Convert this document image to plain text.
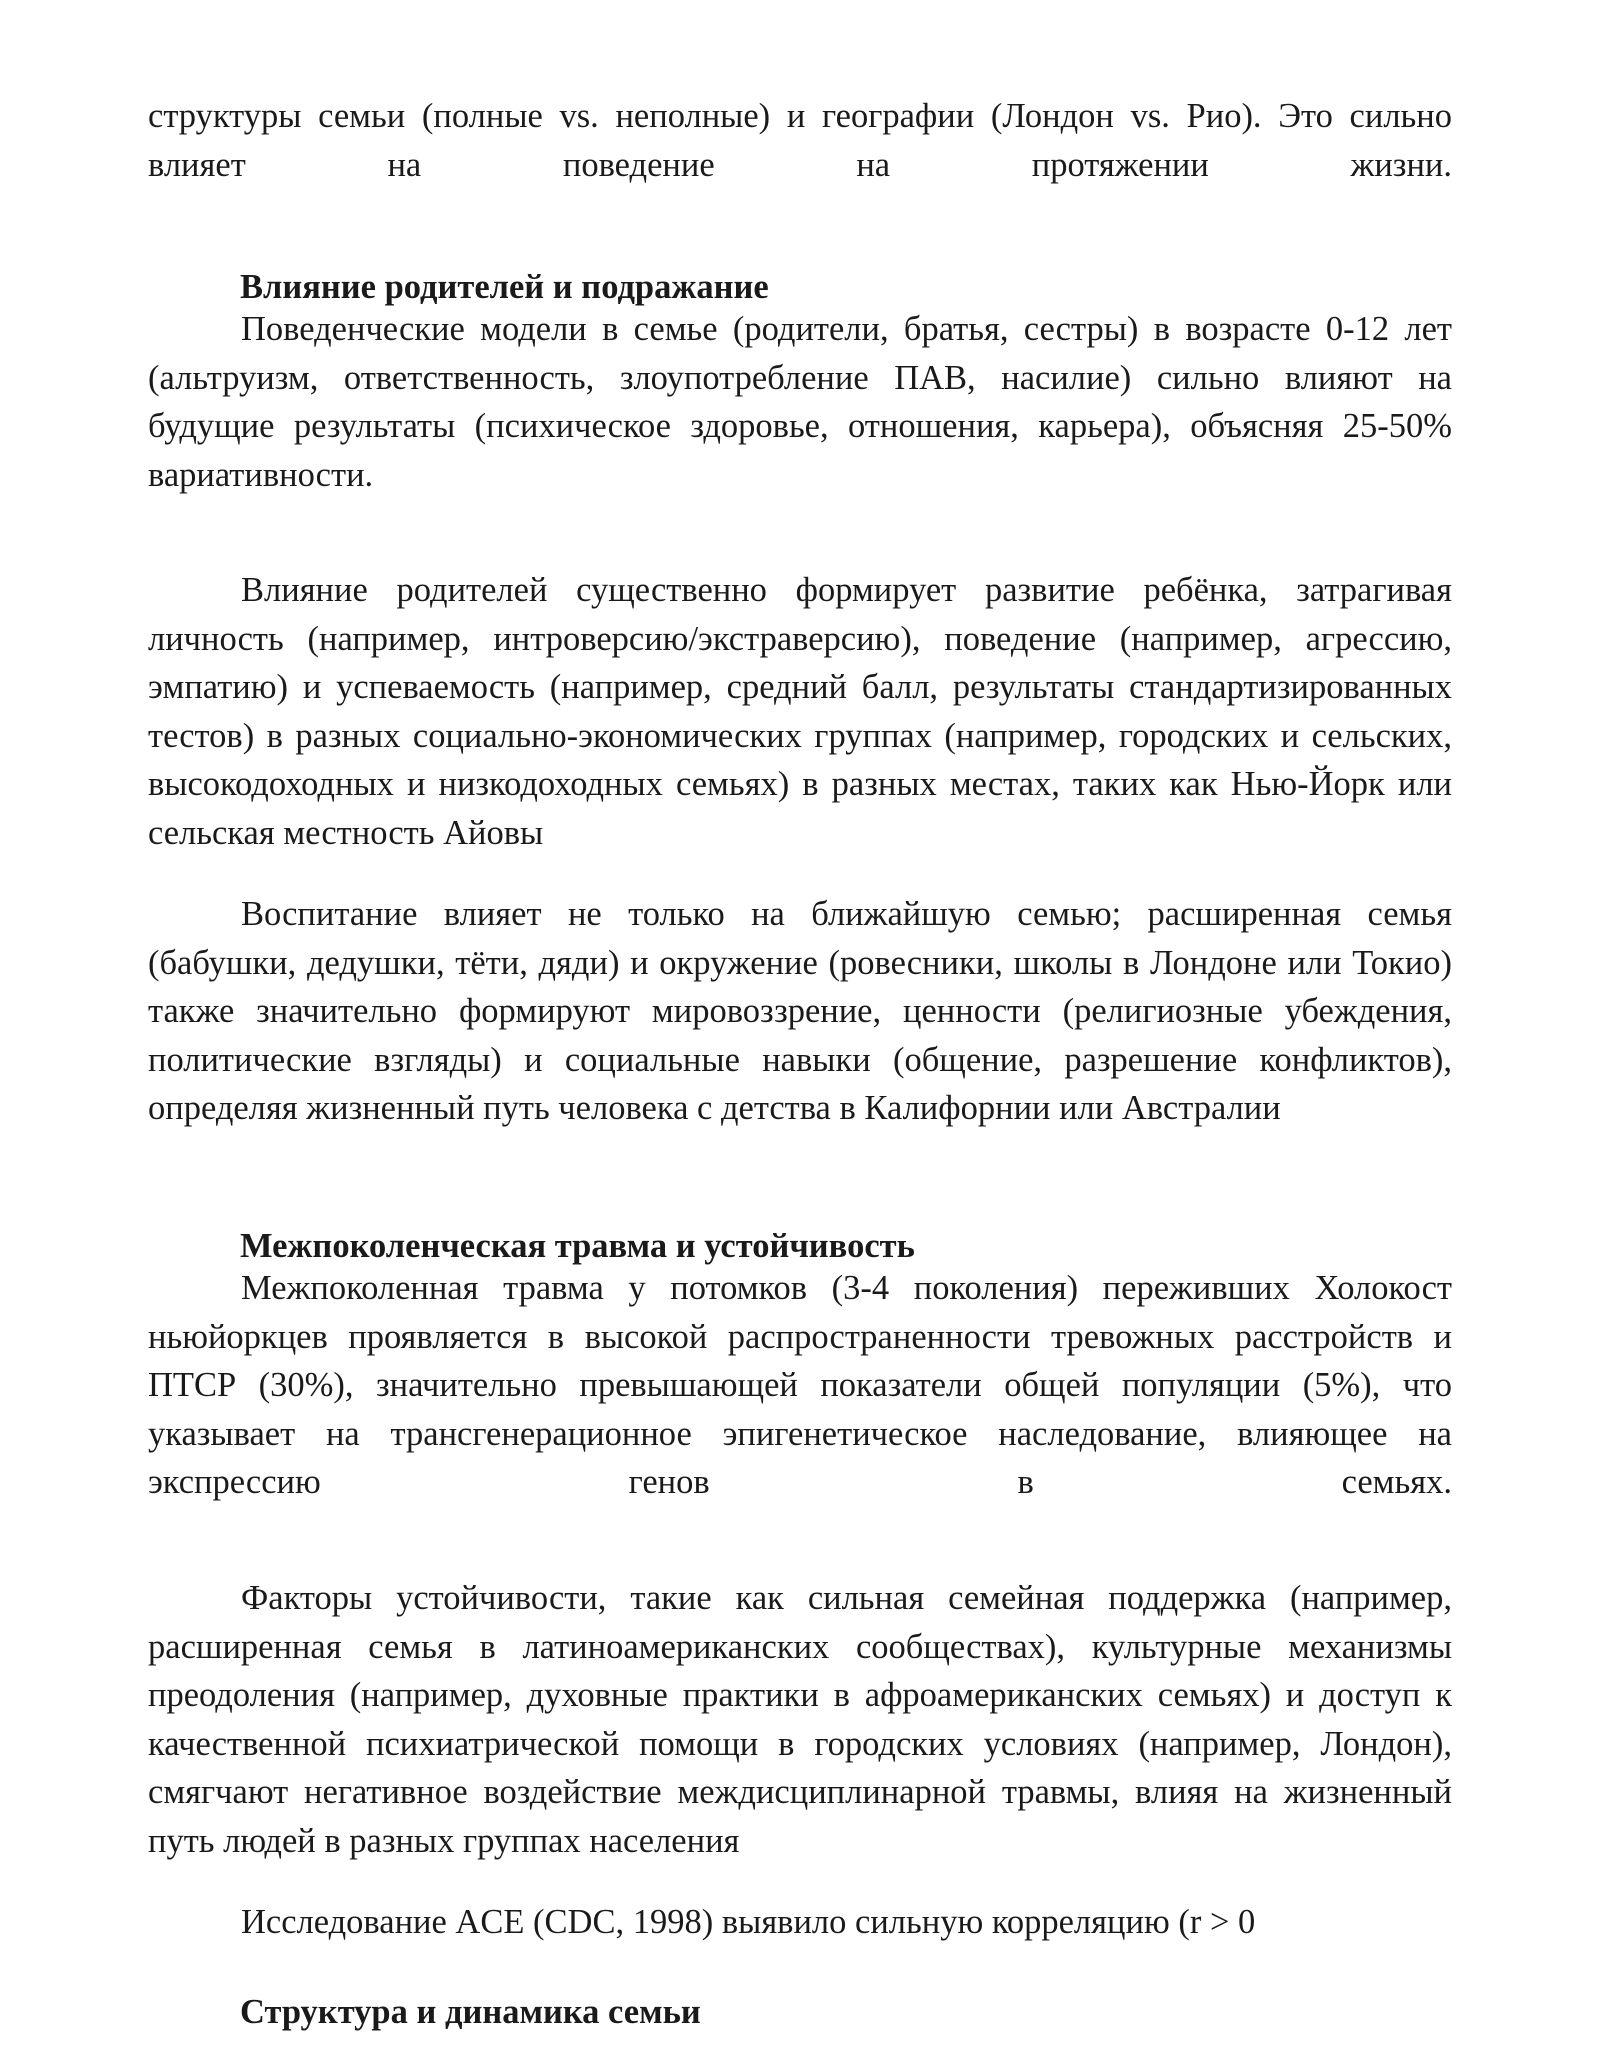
структуры семьи (полные vs. неполные) и географии (Лондон vs. Рио). Это сильно влияет на поведение на протяжении жизни.

Влияние родителей и подражание

Поведенческие модели в семье (родители, братья, сестры) в возрасте 0-12 лет (альтруизм, ответственность, злоупотребление ПАВ, насилие) сильно влияют на будущие результаты (психическое здоровье, отношения, карьера), объясняя 25-50% вариативности.

Влияние родителей существенно формирует развитие ребёнка, затрагивая личность (например, интроверсию/экстраверсию), поведение (например, агрессию, эмпатию) и успеваемость (например, средний балл, результаты стандартизированных тестов) в разных социально-экономических группах (например, городских и сельских, высокодоходных и низкодоходных семьях) в разных местах, таких как Нью-Йорк или сельская местность Айовы

Воспитание влияет не только на ближайшую семью; расширенная семья (бабушки, дедушки, тёти, дяди) и окружение (ровесники, школы в Лондоне или Токио) также значительно формируют мировоззрение, ценности (религиозные убеждения, политические взгляды) и социальные навыки (общение, разрешение конфликтов), определяя жизненный путь человека с детства в Калифорнии или Австралии

Межпоколенческая травма и устойчивость

Межпоколенная травма у потомков (3-4 поколения) переживших Холокост ньюйоркцев проявляется в высокой распространенности тревожных расстройств и ПТСР (30%), значительно превышающей показатели общей популяции (5%), что указывает на трансгенерационное эпигенетическое наследование, влияющее на экспрессию генов в семьях.

Факторы устойчивости, такие как сильная семейная поддержка (например, расширенная семья в латиноамериканских сообществах), культурные механизмы преодоления (например, духовные практики в афроамериканских семьях) и доступ к качественной психиатрической помощи в городских условиях (например, Лондон), смягчают негативное воздействие междисциплинарной травмы, влияя на жизненный путь людей в разных группах населения

Исследование ACE (CDC, 1998) выявило сильную корреляцию (r > 0

Структура и динамика семьи
